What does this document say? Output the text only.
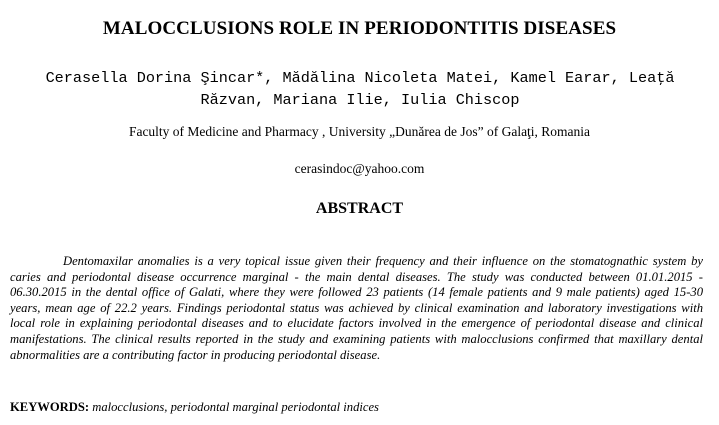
MALOCCLUSIONS ROLE IN PERIODONTITIS DISEASES
Cerasella Dorina Şincar*, Mădălina Nicoleta Matei, Kamel Earar, Leaţă Răzvan, Mariana Ilie, Iulia Chiscop
Faculty of Medicine and Pharmacy , University „Dunărea de Jos” of Galaţi, Romania
cerasindoc@yahoo.com
ABSTRACT

Dentomaxilar anomalies is a very topical issue given their frequency and their influence on the stomatognathic system by caries and periodontal disease occurrence marginal - the main dental diseases. The study was conducted between 01.01.2015 - 06.30.2015 in the dental office of Galati, where they were followed 23 patients (14 female patients and 9 male patients) aged 15-30 years, mean age of 22.2 years. Findings periodontal status was achieved by clinical examination and laboratory investigations with local role in explaining periodontal diseases and to elucidate factors involved in the emergence of periodontal disease and clinical manifestations. The clinical results reported in the study and examining patients with malocclusions confirmed that maxillary dental abnormalities are a contributing factor in producing periodontal disease.

KEYWORDS: malocclusions, periodontal marginal periodontal indices
